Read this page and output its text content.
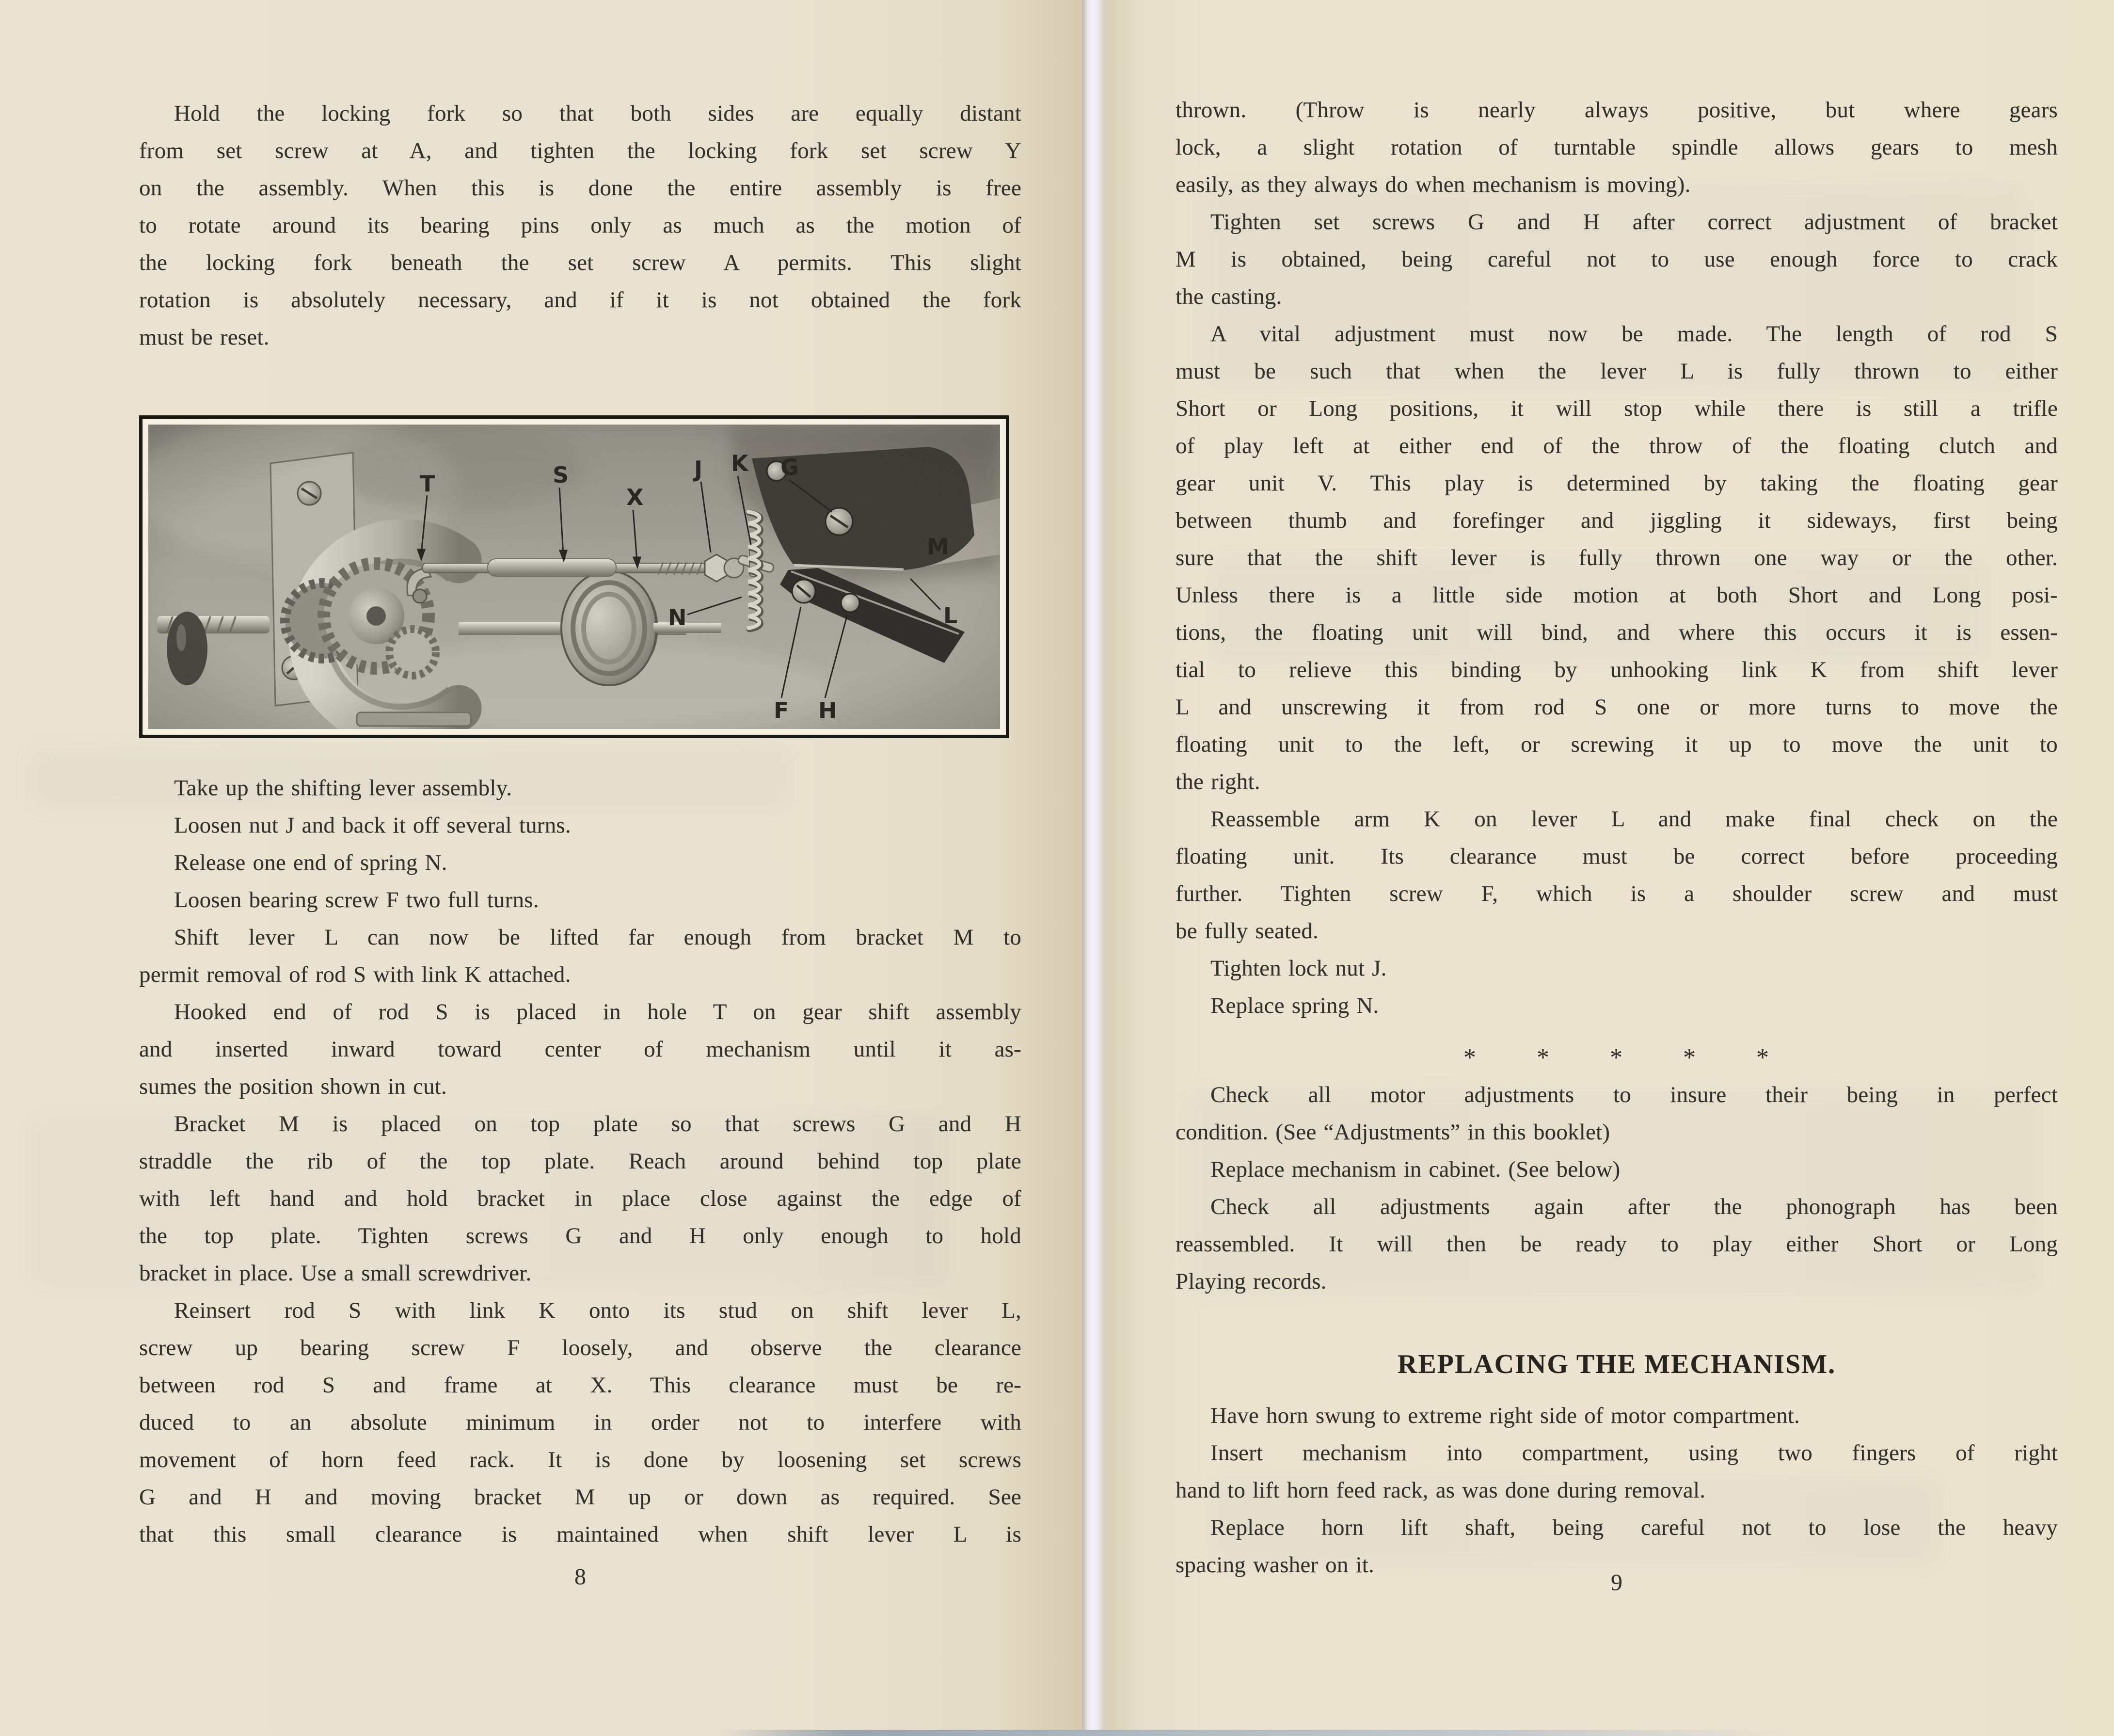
Hold the locking fork so that both sides are equally distant
from set screw at A, and tighten the locking fork set screw Y
on the assembly. When this is done the entire assembly is free
to rotate around its bearing pins only as much as the motion of
the locking fork beneath the set screw A permits. This slight
rotation is absolutely necessary, and if it is not obtained the fork
must be reset.
Take up the shifting lever assembly.
Loosen nut J and back it off several turns.
Release one end of spring N.
Loosen bearing screw F two full turns.
Shift lever L can now be lifted far enough from bracket M to
permit removal of rod S with link K attached.
Hooked end of rod S is placed in hole T on gear shift assembly
and inserted inward toward center of mechanism until it as-
sumes the position shown in cut.
Bracket M is placed on top plate so that screws G and H
straddle the rib of the top plate. Reach around behind top plate
with left hand and hold bracket in place close against the edge of
the top plate. Tighten screws G and H only enough to hold
bracket in place. Use a small screwdriver.
Reinsert rod S with link K onto its stud on shift lever L,
screw up bearing screw F loosely, and observe the clearance
between rod S and frame at X. This clearance must be re-
duced to an absolute minimum in order not to interfere with
movement of horn feed rack. It is done by loosening set screws
G and H and moving bracket M up or down as required. See
that this small clearance is maintained when shift lever L is
8
thrown. (Throw is nearly always positive, but where gears
lock, a slight rotation of turntable spindle allows gears to mesh
easily, as they always do when mechanism is moving).
Tighten set screws G and H after correct adjustment of bracket
M is obtained, being careful not to use enough force to crack
the casting.
A vital adjustment must now be made. The length of rod S
must be such that when the lever L is fully thrown to either
Short or Long positions, it will stop while there is still a trifle
of play left at either end of the throw of the floating clutch and
gear unit V. This play is determined by taking the floating gear
between thumb and forefinger and jiggling it sideways, first being
sure that the shift lever is fully thrown one way or the other.
Unless there is a little side motion at both Short and Long posi-
tions, the floating unit will bind, and where this occurs it is essen-
tial to relieve this binding by unhooking link K from shift lever
L and unscrewing it from rod S one or more turns to move the
floating unit to the left, or screwing it up to move the unit to
the right.
Reassemble arm K on lever L and make final check on the
floating unit. Its clearance must be correct before proceeding
further. Tighten screw F, which is a shoulder screw and must
be fully seated.
Tighten lock nut J.
Replace spring N.
* * * * *
Check all motor adjustments to insure their being in perfect
condition. (See “Adjustments” in this booklet)
Replace mechanism in cabinet. (See below)
Check all adjustments again after the phonograph has been
reassembled. It will then be ready to play either Short or Long
Playing records.
REPLACING THE MECHANISM.
Have horn swung to extreme right side of motor compartment.
Insert mechanism into compartment, using two fingers of right
hand to lift horn feed rack, as was done during removal.
Replace horn lift shaft, being careful not to lose the heavy
spacing washer on it.
9
